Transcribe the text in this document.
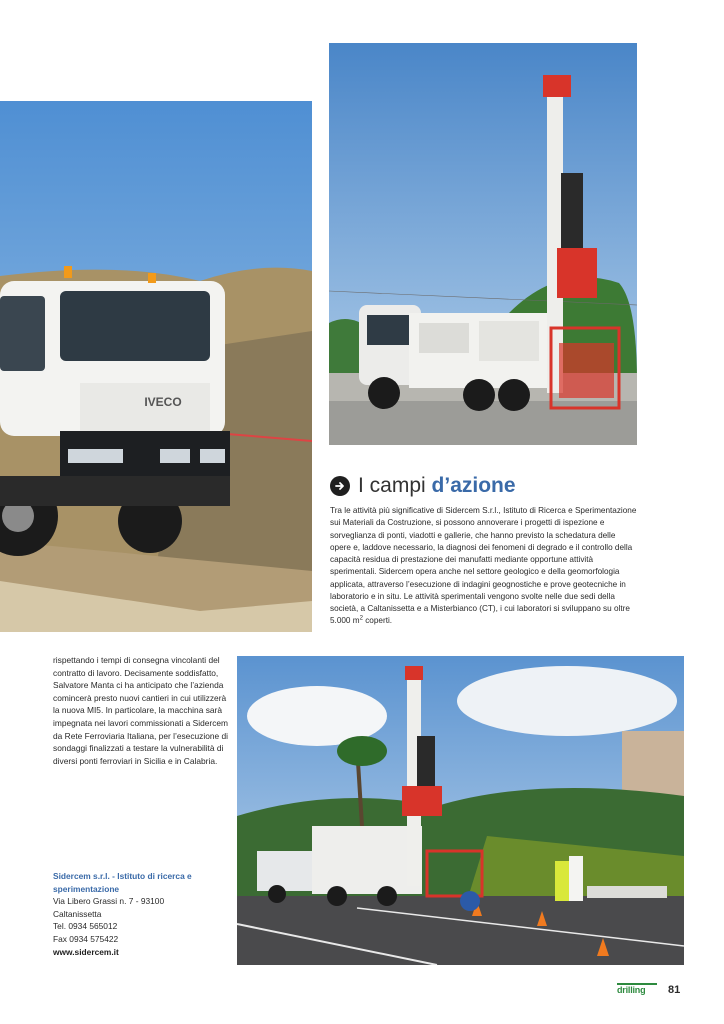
IVECO
I campi d’azione

Tra le attività più significative di Sidercem S.r.l., Istituto di Ricerca e Sperimentazione sui Materiali da Costruzione, si possono annoverare i progetti di ispezione e sorveglianza di ponti, viadotti e gallerie, che hanno previsto la schedatura delle opere e, laddove necessario, la diagnosi dei fenomeni di degrado e il controllo della capacità residua di prestazione dei manufatti mediante opportune attività sperimentali. Sidercem opera anche nel settore geologico e della geomorfologia applicata, attraverso l’esecuzione di indagini geognostiche e prove geotecniche in laboratorio e in situ. Le attività sperimentali vengono svolte nelle due sedi della società, a Caltanissetta e a Misterbianco (CT), i cui laboratori si sviluppano su oltre 5.000 $m^2$ coperti.

rispettando i tempi di consegna vincolanti del contratto di lavoro. Decisamente soddisfatto, Salvatore Manta ci ha anticipato che l’azienda comincerà presto nuovi cantieri in cui utilizzerà la nuova MI5. In particolare, la macchina sarà impegnata nei lavori commissionati a Sidercem da Rete Ferroviaria Italiana, per l’esecuzione di sondaggi finalizzati a testare la vulnerabilità di diversi ponti ferroviari in Sicilia e in Calabria.

Sidercem s.r.l. - Istituto di ricerca e sperimentazione
Via Libero Grassi n. 7 - 93100
Caltanissetta
Tel. 0934 565012
Fax 0934 575422
www.sidercem.it
drilling	81
